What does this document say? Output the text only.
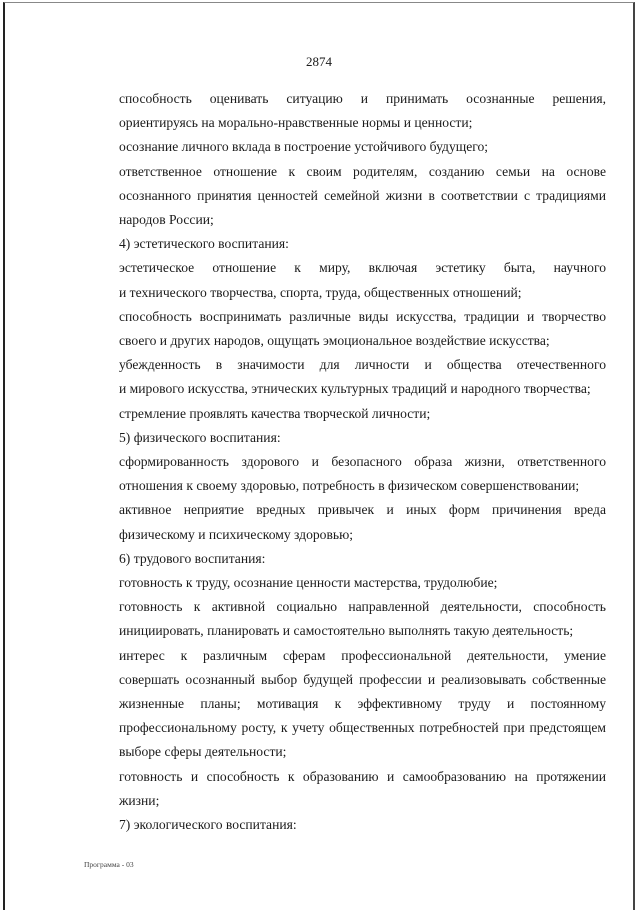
2874

способность оценивать ситуацию и принимать осознанные решения,
ориентируясь на морально-нравственные нормы и ценности;

осознание личного вклада в построение устойчивого будущего;

ответственное отношение к своим родителям, созданию семьи на основе
осознанного принятия ценностей семейной жизни в соответствии с традициями
народов России;

4) эстетического воспитания:

эстетическое отношение к миру, включая эстетику быта, научного
и технического творчества, спорта, труда, общественных отношений;

способность воспринимать различные виды искусства, традиции и творчество
своего и других народов, ощущать эмоциональное воздействие искусства;

убежденность в значимости для личности и общества отечественного
и мирового искусства, этнических культурных традиций и народного творчества;

стремление проявлять качества творческой личности;

5) физического воспитания:

сформированность здорового и безопасного образа жизни, ответственного
отношения к своему здоровью, потребность в физическом совершенствовании;

активное неприятие вредных привычек и иных форм причинения вреда
физическому и психическому здоровью;

6) трудового воспитания:

готовность к труду, осознание ценности мастерства, трудолюбие;

готовность к активной социально направленной деятельности, способность
инициировать, планировать и самостоятельно выполнять такую деятельность;

интерес к различным сферам профессиональной деятельности, умение
совершать осознанный выбор будущей профессии и реализовывать собственные
жизненные планы; мотивация к эффективному труду и постоянному
профессиональному росту, к учету общественных потребностей при предстоящем
выборе сферы деятельности;

готовность и способность к образованию и самообразованию на протяжении
жизни;

7) экологического воспитания:

Программа - 03
